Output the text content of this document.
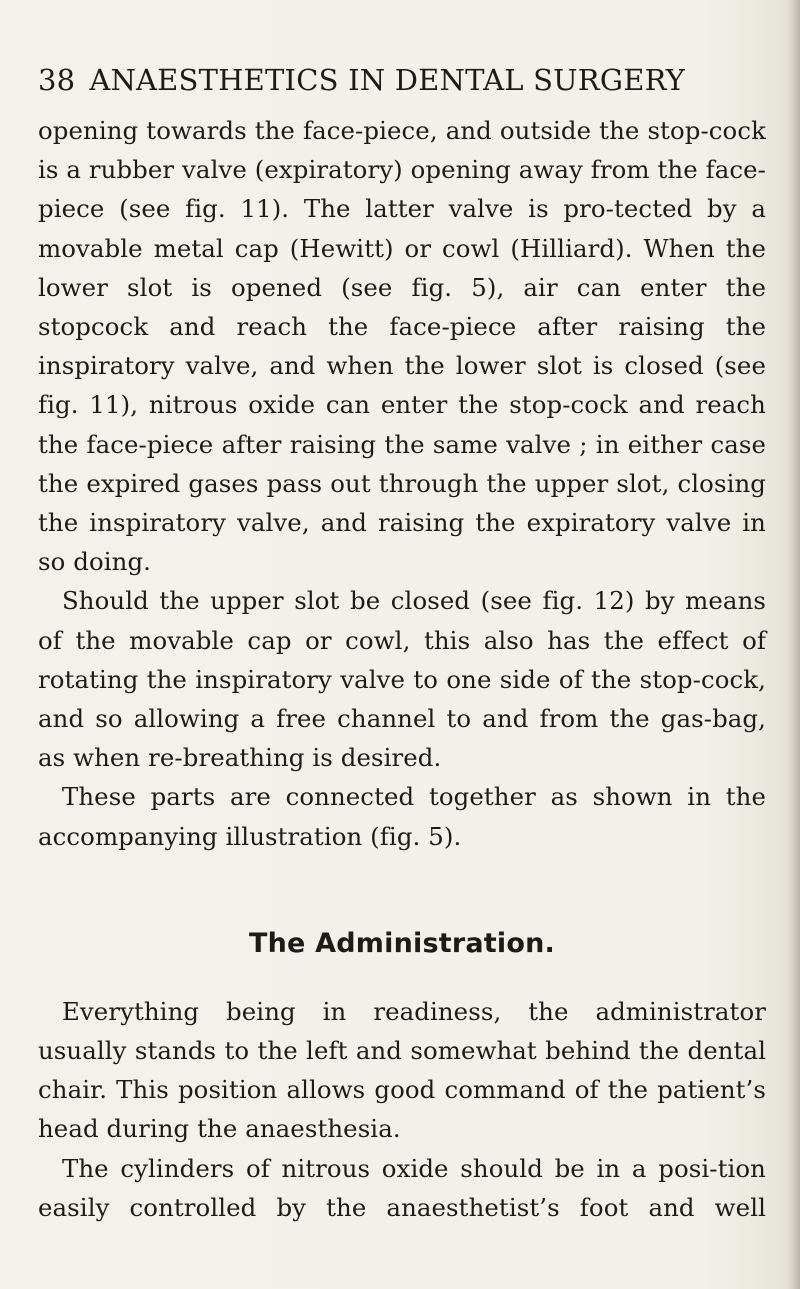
38 ANAESTHETICS IN DENTAL SURGERY

opening towards the face-piece, and outside the stop-cock is a rubber valve (expiratory) opening away from the face-piece (see fig. 11). The latter valve is pro-tected by a movable metal cap (Hewitt) or cowl (Hilliard). When the lower slot is opened (see fig. 5), air can enter the stopcock and reach the face-piece after raising the inspiratory valve, and when the lower slot is closed (see fig. 11), nitrous oxide can enter the stop-cock and reach the face-piece after raising the same valve ; in either case the expired gases pass out through the upper slot, closing the inspiratory valve, and raising the expiratory valve in so doing.

Should the upper slot be closed (see fig. 12) by means of the movable cap or cowl, this also has the effect of rotating the inspiratory valve to one side of the stop-cock, and so allowing a free channel to and from the gas-bag, as when re-breathing is desired.

These parts are connected together as shown in the accompanying illustration (fig. 5).

The Administration.

Everything being in readiness, the administrator usually stands to the left and somewhat behind the dental chair. This position allows good command of the patient’s head during the anaesthesia.

The cylinders of nitrous oxide should be in a posi-tion easily controlled by the anaesthetist’s foot and well
